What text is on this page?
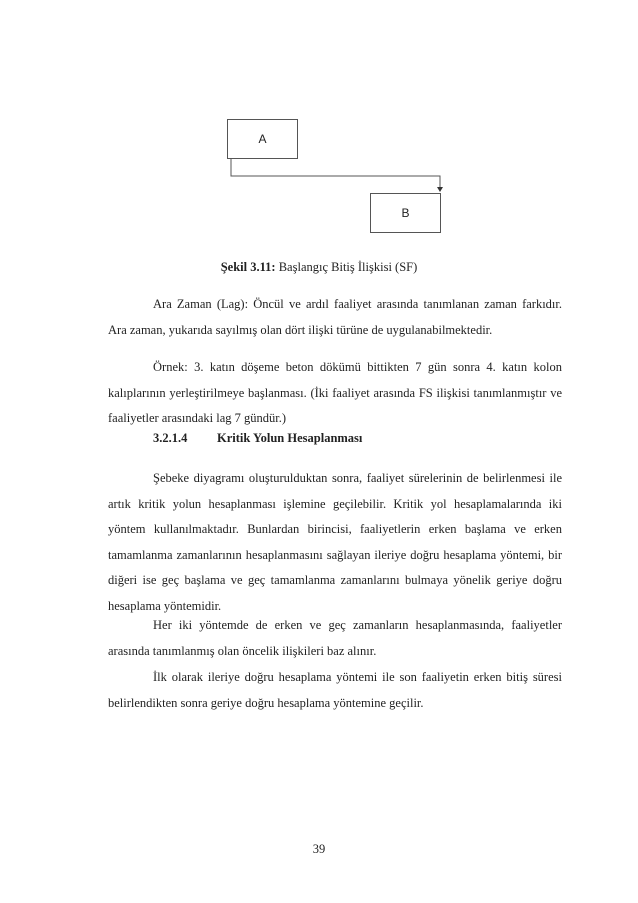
A
B
Şekil 3.11: Başlangıç Bitiş İlişkisi (SF)

Ara Zaman (Lag): Öncül ve ardıl faaliyet arasında tanımlanan zaman farkıdır. Ara zaman, yukarıda sayılmış olan dört ilişki türüne de uygulanabilmektedir.

Örnek: 3. katın döşeme beton dökümü bittikten 7 gün sonra 4. katın kolon kalıplarının yerleştirilmeye başlanması. (İki faaliyet arasında FS ilişkisi tanımlanmıştır ve faaliyetler arasındaki lag 7 gündür.)

3.2.1.4 Kritik Yolun Hesaplanması

Şebeke diyagramı oluşturulduktan sonra, faaliyet sürelerinin de belirlenmesi ile artık kritik yolun hesaplanması işlemine geçilebilir. Kritik yol hesaplamalarında iki yöntem kullanılmaktadır. Bunlardan birincisi, faaliyetlerin erken başlama ve erken tamamlanma zamanlarının hesaplanmasını sağlayan ileriye doğru hesaplama yöntemi, bir diğeri ise geç başlama ve geç tamamlanma zamanlarını bulmaya yönelik geriye doğru hesaplama yöntemidir.

Her iki yöntemde de erken ve geç zamanların hesaplanmasında, faaliyetler arasında tanımlanmış olan öncelik ilişkileri baz alınır.

İlk olarak ileriye doğru hesaplama yöntemi ile son faaliyetin erken bitiş süresi belirlendikten sonra geriye doğru hesaplama yöntemine geçilir.

39
